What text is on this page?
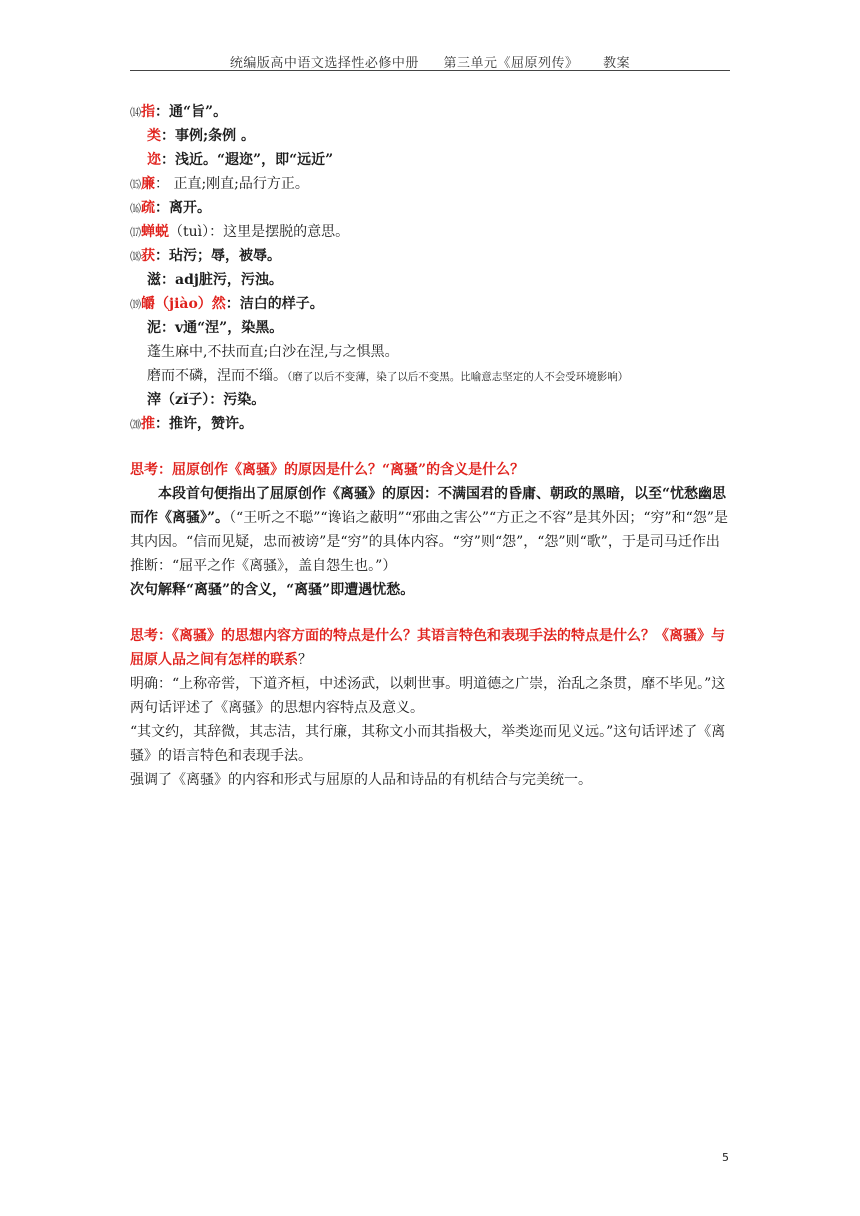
统编版高中语文选择性必修中册 第三单元《屈原列传》 教案
⒁指：通“旨”。
类：事例;条例 。
迩：浅近。“遐迩”，即“远近”
⒂廉： 正直;刚直;品行方正。
⒃疏：离开。
⒄蝉蜕（tuì）：这里是摆脱的意思。
⒅获：玷污；辱，被辱。
滋：adj脏污，污浊。
⒆皭（jiào）然：洁白的样子。
泥：v通“涅”，染黑。
蓬生麻中,不扶而直;白沙在涅,与之惧黑。
磨而不磷，涅而不缁。（磨了以后不变薄，染了以后不变黑。比喻意志坚定的人不会受环境影响）
滓（zǐ子）：污染。
⒇推：推许，赞许。
思考：屈原创作《离骚》的原因是什么？“离骚”的含义是什么？
本段首句便指出了屈原创作《离骚》的原因：不满国君的昏庸、朝政的黑暗，以至“忧愁幽思而作《离骚》”。（“王听之不聪”“谗谄之蔽明”“邪曲之害公”“方正之不容”是其外因；“穷”和“怨”是其内因。“信而见疑，忠而被谤”是“穷”的具体内容。“穷”则“怨”，“怨”则“歌”，于是司马迁作出推断：“屈平之作《离骚》，盖自怨生也。”）
次句解释“离骚”的含义，“离骚”即遭遇忧愁。
思考：《离骚》的思想内容方面的特点是什么？其语言特色和表现手法的特点是什么？《离骚》与屈原人品之间有怎样的联系？
明确：“上称帝喾，下道齐桓，中述汤武，以刺世事。明道德之广崇，治乱之条贯，靡不毕见。”这两句话评述了《离骚》的思想内容特点及意义。
“其文约，其辞微，其志洁，其行廉，其称文小而其指极大，举类迩而见义远。”这句话评述了《离骚》的语言特色和表现手法。
强调了《离骚》的内容和形式与屈原的人品和诗品的有机结合与完美统一。
5
